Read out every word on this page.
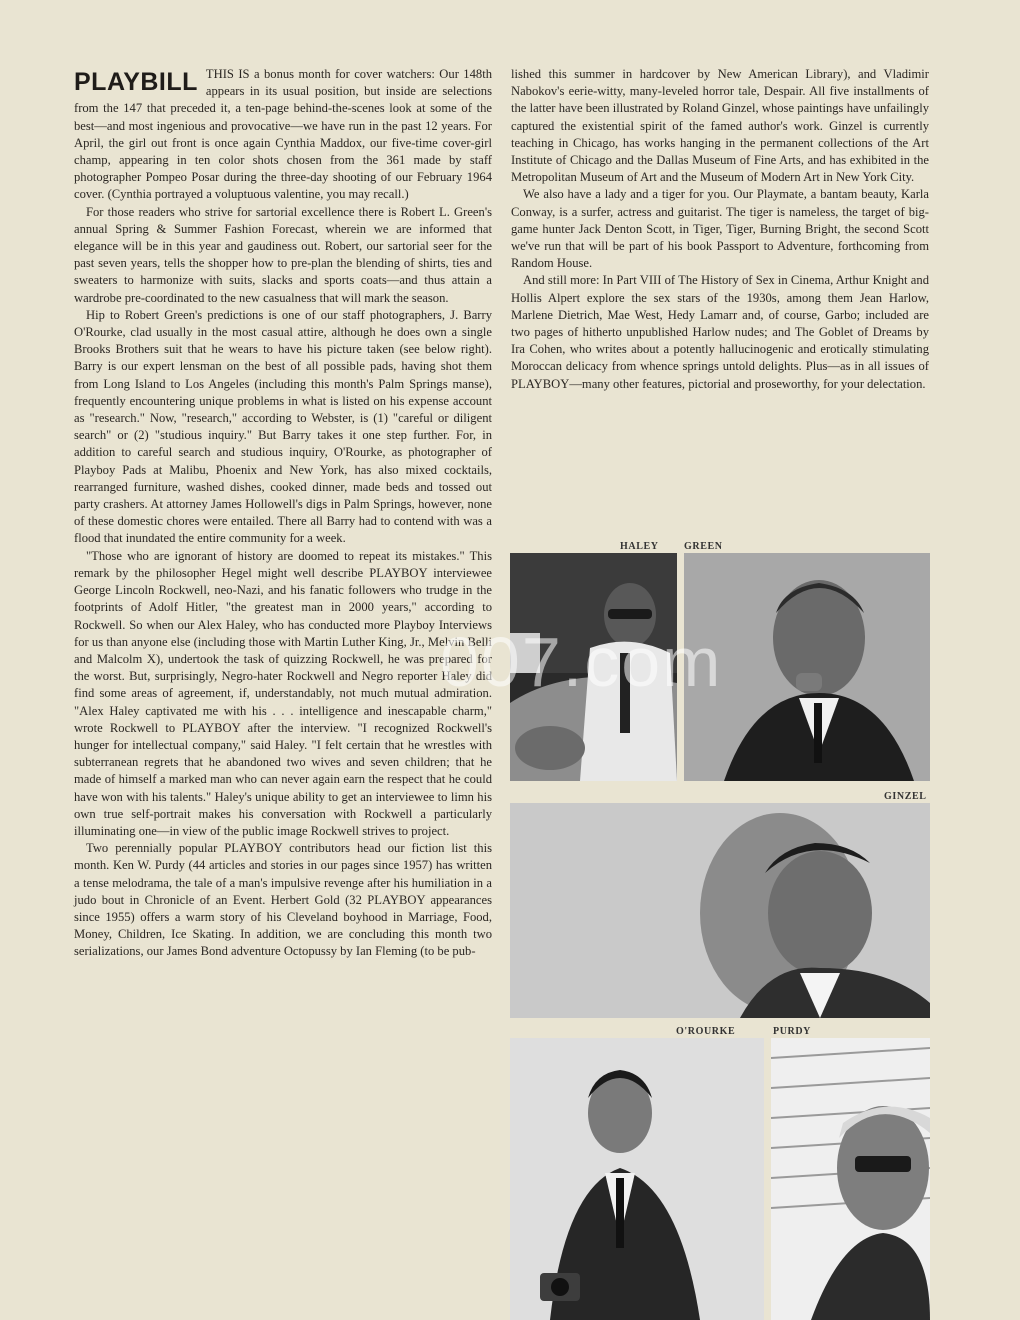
PLAYBILL THIS IS a bonus month for cover watchers: Our 148th appears in its usual position, but inside are selections from the 147 that preceded it, a ten-page behind-the-scenes look at some of the best—and most ingenious and provocative—we have run in the past 12 years. For April, the girl out front is once again Cynthia Maddox, our five-time cover-girl champ, appearing in ten color shots chosen from the 361 made by staff photographer Pompeo Posar during the three-day shooting of our February 1964 cover. (Cynthia portrayed a voluptuous valentine, you may recall.)

For those readers who strive for sartorial excellence there is Robert L. Green's annual Spring & Summer Fashion Forecast, wherein we are informed that elegance will be in this year and gaudiness out. Robert, our sartorial seer for the past seven years, tells the shopper how to pre-plan the blending of shirts, ties and sweaters to harmonize with suits, slacks and sports coats—and thus attain a wardrobe pre-coordinated to the new casualness that will mark the season.

Hip to Robert Green's predictions is one of our staff photographers, J. Barry O'Rourke, clad usually in the most casual attire, although he does own a single Brooks Brothers suit that he wears to have his picture taken (see below right). Barry is our expert lensman on the best of all possible pads, having shot them from Long Island to Los Angeles (including this month's Palm Springs manse), frequently encountering unique problems in what is listed on his expense account as "research." Now, "research," according to Webster, is (1) "careful or diligent search" or (2) "studious inquiry." But Barry takes it one step further. For, in addition to careful search and studious inquiry, O'Rourke, as photographer of Playboy Pads at Malibu, Phoenix and New York, has also mixed cocktails, rearranged furniture, washed dishes, cooked dinner, made beds and tossed out party crashers. At attorney James Hollowell's digs in Palm Springs, however, none of these domestic chores were entailed. There all Barry had to contend with was a flood that inundated the entire community for a week.

"Those who are ignorant of history are doomed to repeat its mistakes." This remark by the philosopher Hegel might well describe PLAYBOY interviewee George Lincoln Rockwell, neo-Nazi, and his fanatic followers who trudge in the footprints of Adolf Hitler, "the greatest man in 2000 years," according to Rockwell. So when our Alex Haley, who has conducted more Playboy Interviews for us than anyone else (including those with Martin Luther King, Jr., Melvin Belli and Malcolm X), undertook the task of quizzing Rockwell, he was prepared for the worst. But, surprisingly, Negro-hater Rockwell and Negro reporter Haley did find some areas of agreement, if, understandably, not much mutual admiration. "Alex Haley captivated me with his . . . intelligence and inescapable charm," wrote Rockwell to PLAYBOY after the interview. "I recognized Rockwell's hunger for intellectual company," said Haley. "I felt certain that he wrestles with subterranean regrets that he abandoned two wives and seven children; that he made of himself a marked man who can never again earn the respect that he could have won with his talents." Haley's unique ability to get an interviewee to limn his own true self-portrait makes his conversation with Rockwell a particularly illuminating one—in view of the public image Rockwell strives to project.

Two perennially popular PLAYBOY contributors head our fiction list this month. Ken W. Purdy (44 articles and stories in our pages since 1957) has written a tense melodrama, the tale of a man's impulsive revenge after his humiliation in a judo bout in Chronicle of an Event. Herbert Gold (32 PLAYBOY appearances since 1955) offers a warm story of his Cleveland boyhood in Marriage, Food, Money, Children, Ice Skating. In addition, we are concluding this month two serializations, our James Bond adventure Octopussy by Ian Fleming (to be pub-

lished this summer in hardcover by New American Library), and Vladimir Nabokov's eerie-witty, many-leveled horror tale, Despair. All five installments of the latter have been illustrated by Roland Ginzel, whose paintings have unfailingly captured the existential spirit of the famed author's work. Ginzel is currently teaching in Chicago, has works hanging in the permanent collections of the Art Institute of Chicago and the Dallas Museum of Fine Arts, and has exhibited in the Metropolitan Museum of Art and the Museum of Modern Art in New York City.

We also have a lady and a tiger for you. Our Playmate, a bantam beauty, Karla Conway, is a surfer, actress and guitarist. The tiger is nameless, the target of big-game hunter Jack Denton Scott, in Tiger, Tiger, Burning Bright, the second Scott we've run that will be part of his book Passport to Adventure, forthcoming from Random House.

And still more: In Part VIII of The History of Sex in Cinema, Arthur Knight and Hollis Alpert explore the sex stars of the 1930s, among them Jean Harlow, Marlene Dietrich, Mae West, Hedy Lamarr and, of course, Garbo; included are two pages of hitherto unpublished Harlow nudes; and The Goblet of Dreams by Ira Cohen, who writes about a potently hallucinogenic and erotically stimulating Moroccan delicacy from whence springs untold delights. Plus—as in all issues of PLAYBOY—many other features, pictorial and proseworthy, for your delectation.

HALEY	GREEN
GINZEL
O'ROURKE	PURDY
007.com
